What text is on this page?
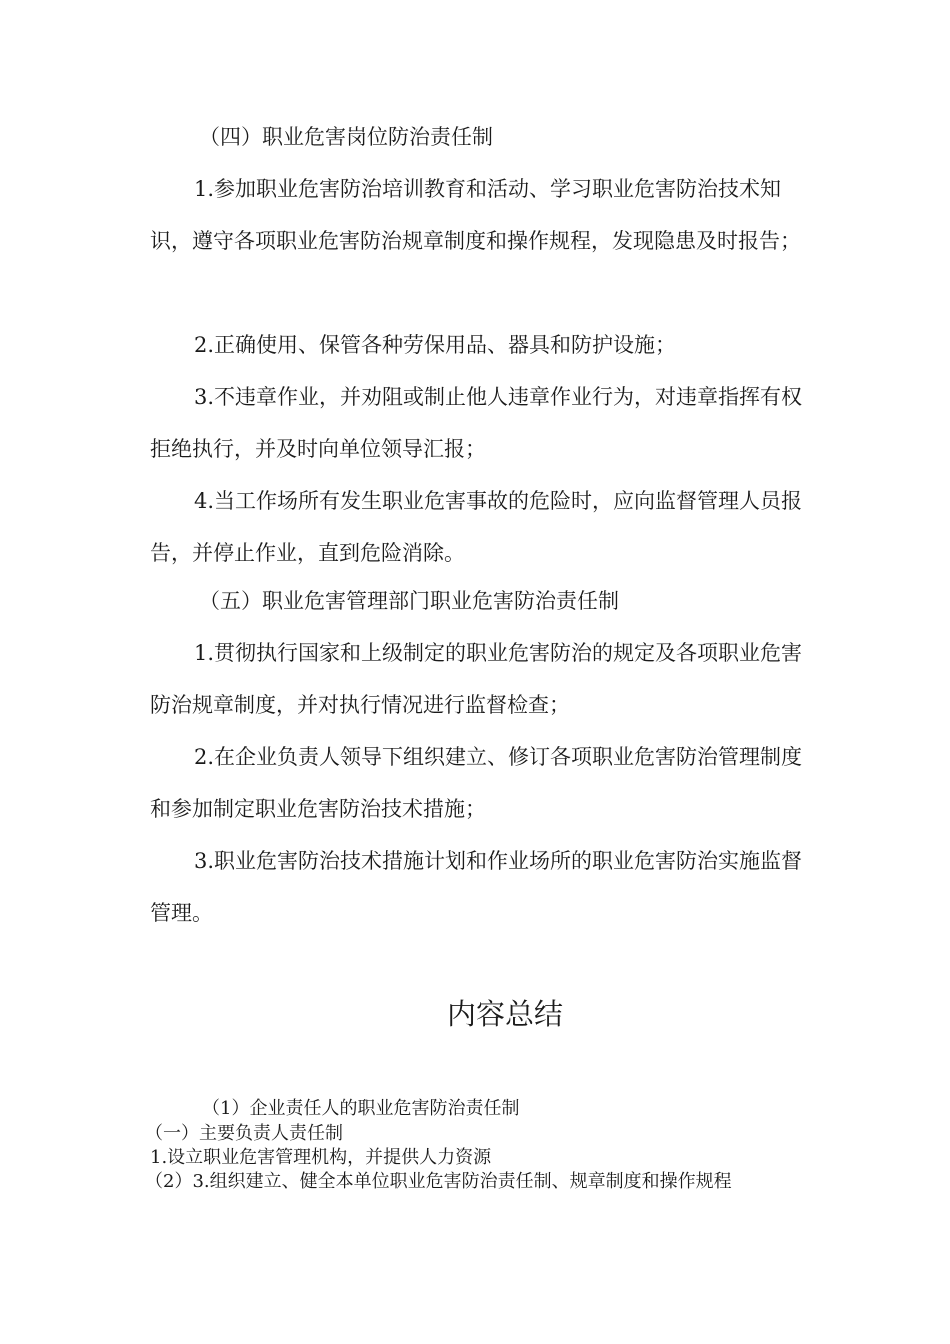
（四）职业危害岗位防治责任制

1.参加职业危害防治培训教育和活动、学习职业危害防治技术知识，遵守各项职业危害防治规章制度和操作规程，发现隐患及时报告；

2.正确使用、保管各种劳保用品、器具和防护设施；

3.不违章作业，并劝阻或制止他人违章作业行为，对违章指挥有权拒绝执行，并及时向单位领导汇报；

4.当工作场所有发生职业危害事故的危险时，应向监督管理人员报告，并停止作业，直到危险消除。

（五）职业危害管理部门职业危害防治责任制

1.贯彻执行国家和上级制定的职业危害防治的规定及各项职业危害防治规章制度，并对执行情况进行监督检查；

2.在企业负责人领导下组织建立、修订各项职业危害防治管理制度和参加制定职业危害防治技术措施；

3.职业危害防治技术措施计划和作业场所的职业危害防治实施监督管理。

内容总结

（1）企业责任人的职业危害防治责任制

（一）主要负责人责任制

1.设立职业危害管理机构，并提供人力资源

（2）3.组织建立、健全本单位职业危害防治责任制、规章制度和操作规程
